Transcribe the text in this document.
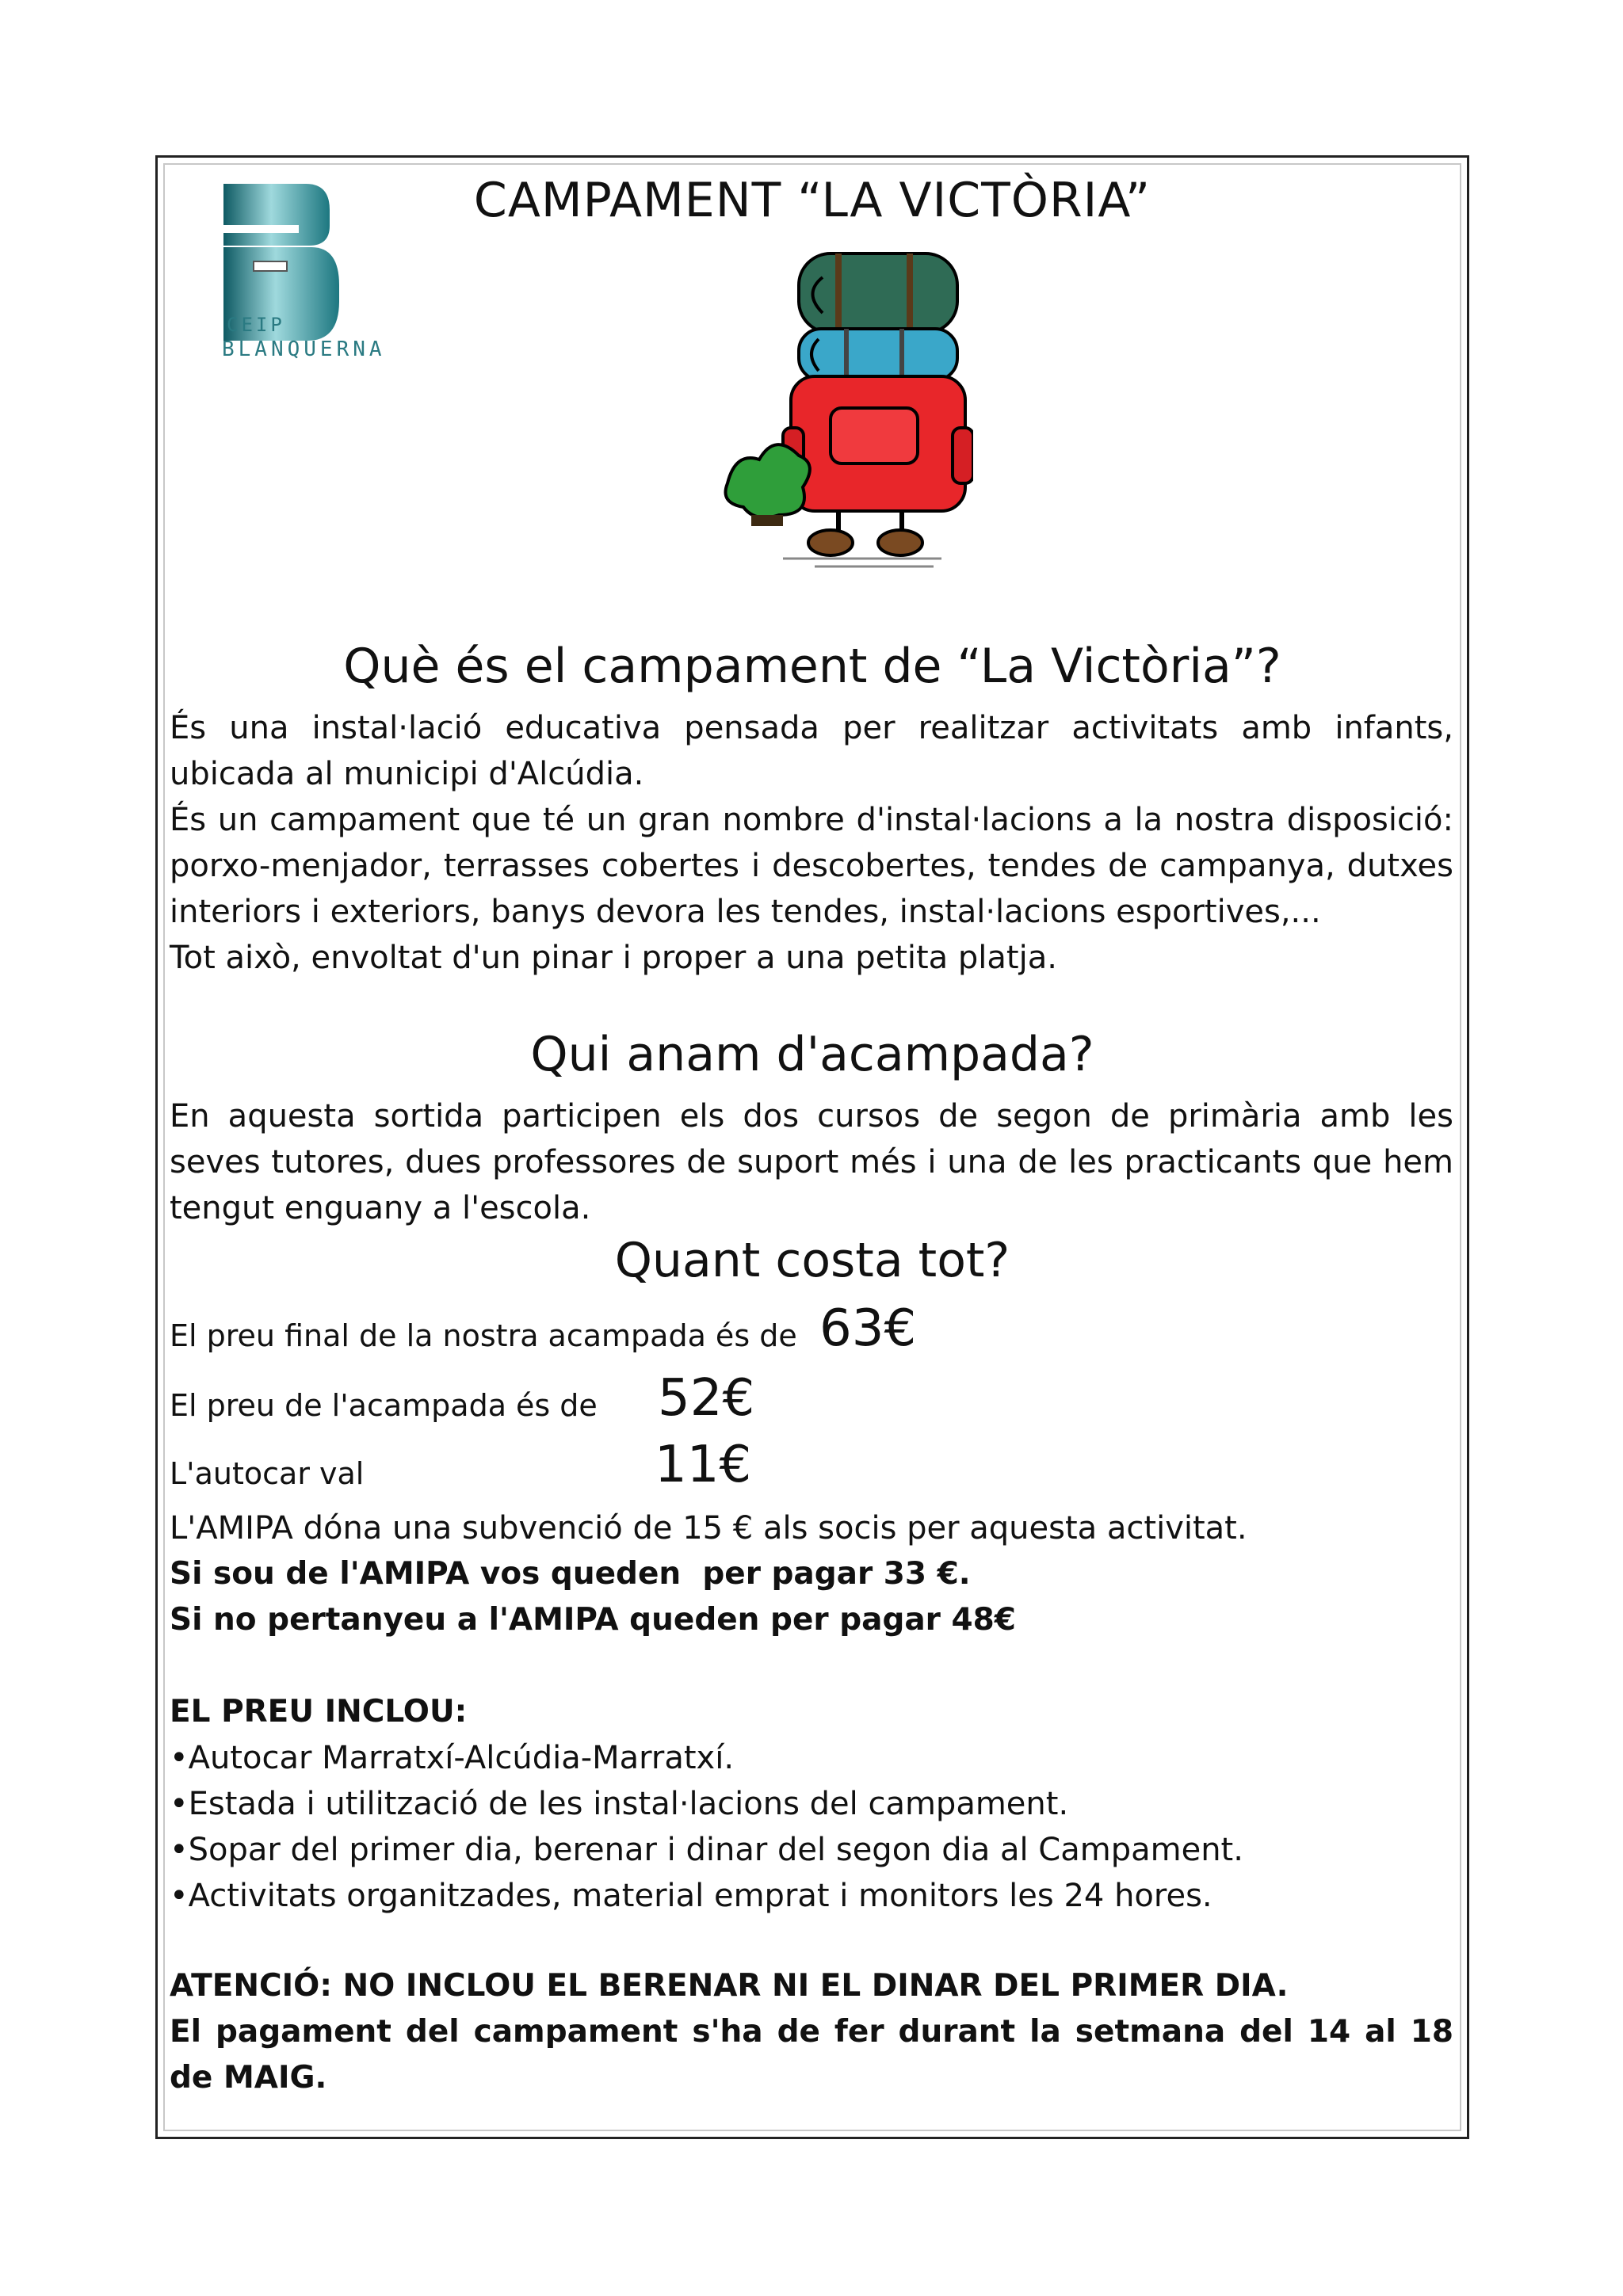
CEIP
BLANQUERNA
CAMPAMENT “LA VICTÒRIA”
Què és el campament de “La Victòria”?

És una instal·lació educativa pensada per realitzar activitats amb infants, ubicada al municipi d'Alcúdia.

És un campament que té un gran nombre d'instal·lacions a la nostra disposició: porxo-menjador, terrasses cobertes i descobertes, tendes de campanya, dutxes interiors i exteriors, banys devora les tendes, instal·lacions esportives,...

Tot això, envoltat d'un pinar i proper a una petita platja.

Qui anam d'acampada?

En aquesta sortida participen els dos cursos de segon de primària amb les seves tutores, dues professores de suport més i una de les practicants que hem tengut enguany a l'escola.

Quant costa tot?
El preu final de la nostra acampada és de 63€
El preu de l'acampada és de 52€
L'autocar val	11€

L'AMIPA dóna una subvenció de 15 € als socis per aquesta activitat.

Si sou de l'AMIPA vos queden  per pagar 33 €.

Si no pertanyeu a l'AMIPA queden per pagar 48€

EL PREU INCLOU:

•Autocar Marratxí-Alcúdia-Marratxí.
•Estada i utilització de les instal·lacions del campament.
•Sopar del primer dia, berenar i dinar del segon dia al Campament.
•Activitats organitzades, material emprat i monitors les 24 hores.

ATENCIÓ: NO INCLOU EL BERENAR NI EL DINAR DEL PRIMER DIA.

El pagament del campament s'ha de fer durant la setmana del 14 al 18 de MAIG.
